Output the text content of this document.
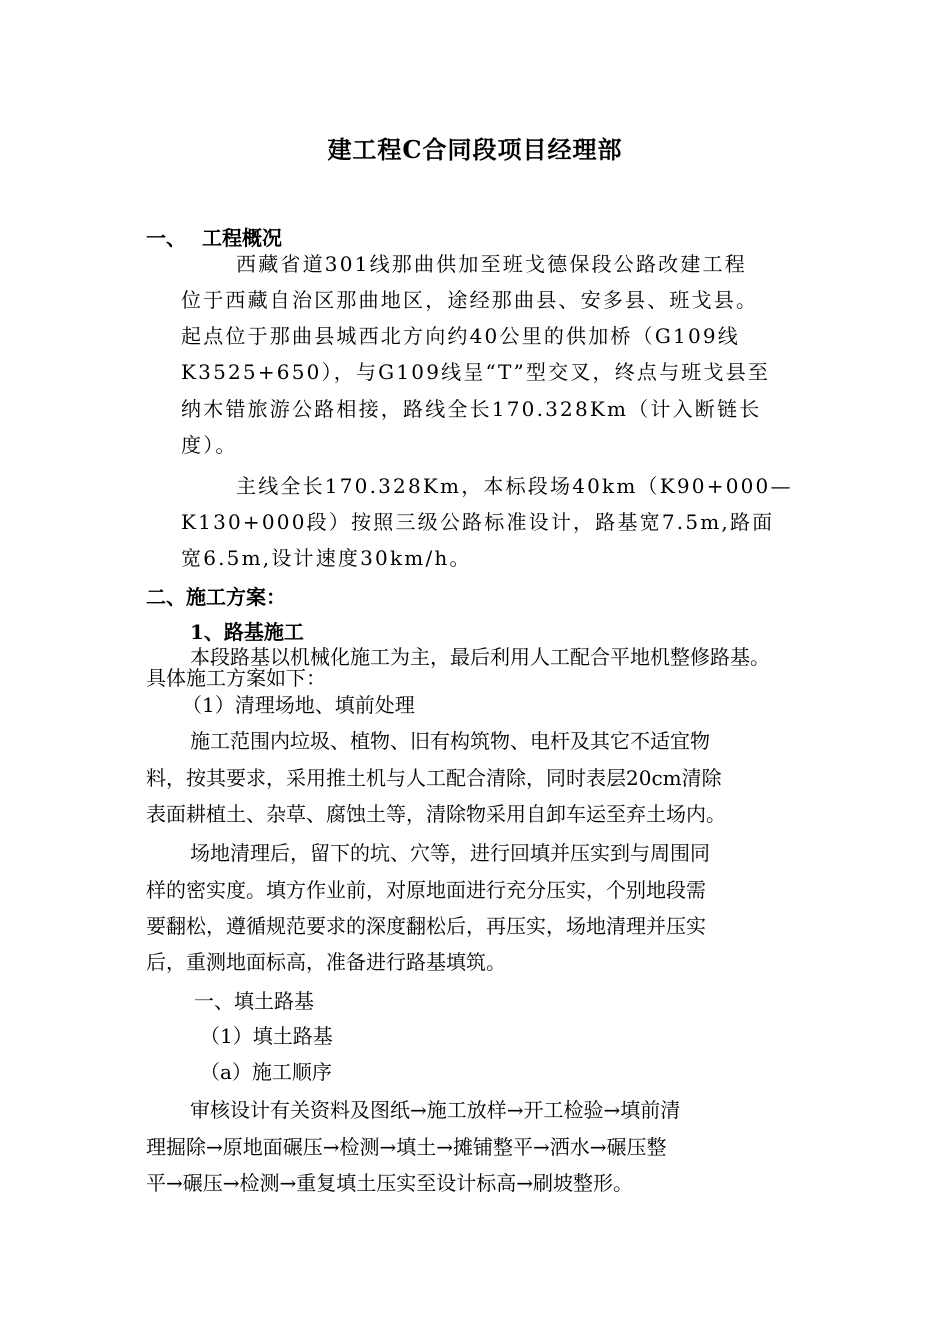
建工程C合同段项目经理部
一、 工程概况
西藏省道301线那曲供加至班戈德保段公路改建工程
位于西藏自治区那曲地区，途经那曲县、安多县、班戈县。
起点位于那曲县城西北方向约40公里的供加桥（G109线
K3525+650），与G109线呈“T”型交叉，终点与班戈县至
纳木错旅游公路相接，路线全长170.328Km（计入断链长
度）。
主线全长170.328Km，本标段场40km（K90+000—
K130+000段）按照三级公路标准设计，路基宽7.5m,路面
宽6.5m,设计速度30km/h。
二、施工方案：
1、路基施工
本段路基以机械化施工为主，最后利用人工配合平地机整修路基。
具体施工方案如下：
（1）清理场地、填前处理
施工范围内垃圾、植物、旧有构筑物、电杆及其它不适宜物
料，按其要求，采用推土机与人工配合清除，同时表层20cm清除
表面耕植土、杂草、腐蚀土等，清除物采用自卸车运至弃土场内。
场地清理后，留下的坑、穴等，进行回填并压实到与周围同
样的密实度。填方作业前，对原地面进行充分压实，个别地段需
要翻松，遵循规范要求的深度翻松后，再压实，场地清理并压实
后，重测地面标高，准备进行路基填筑。
一、填土路基
（1）填土路基
（a）施工顺序
审核设计有关资料及图纸→施工放样→开工检验→填前清
理掘除→原地面碾压→检测→填土→摊铺整平→洒水→碾压整
平→碾压→检测→重复填土压实至设计标高→刷坡整形。
